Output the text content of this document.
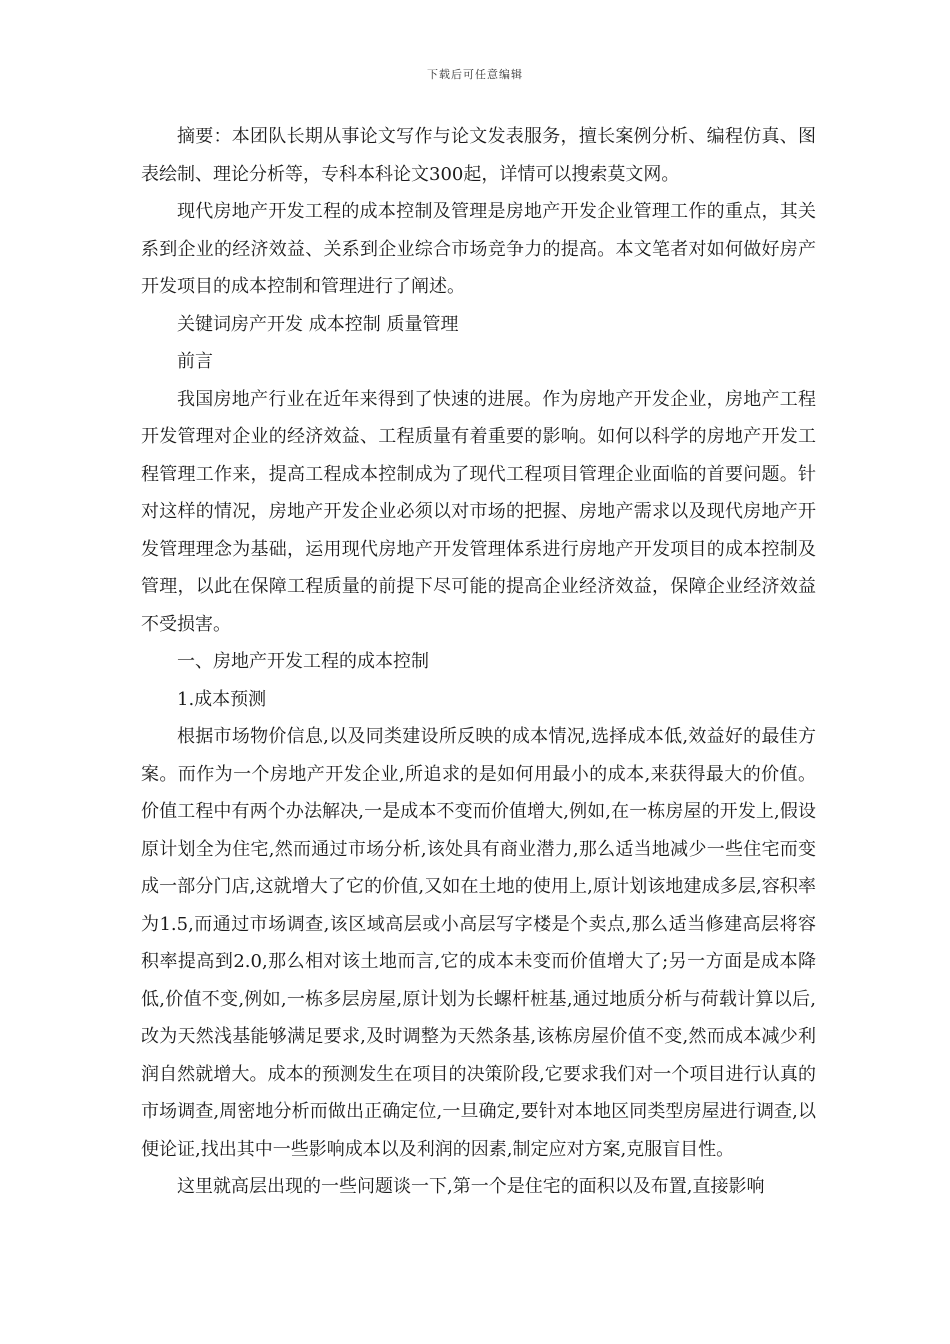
下载后可任意编辑

摘要：本团队长期从事论文写作与论文发表服务，擅长案例分析、编程仿真、图表绘制、理论分析等，专科本科论文300起，详情可以搜索莫文网。

现代房地产开发工程的成本控制及管理是房地产开发企业管理工作的重点，其关系到企业的经济效益、关系到企业综合市场竞争力的提高。本文笔者对如何做好房产开发项目的成本控制和管理进行了阐述。

关键词房产开发 成本控制 质量管理

前言

我国房地产行业在近年来得到了快速的进展。作为房地产开发企业，房地产工程开发管理对企业的经济效益、工程质量有着重要的影响。如何以科学的房地产开发工程管理工作来，提高工程成本控制成为了现代工程项目管理企业面临的首要问题。针对这样的情况，房地产开发企业必须以对市场的把握、房地产需求以及现代房地产开发管理理念为基础，运用现代房地产开发管理体系进行房地产开发项目的成本控制及管理，以此在保障工程质量的前提下尽可能的提高企业经济效益，保障企业经济效益不受损害。

一、房地产开发工程的成本控制

1.成本预测

根据市场物价信息,以及同类建设所反映的成本情况,选择成本低,效益好的最佳方案。而作为一个房地产开发企业,所追求的是如何用最小的成本,来获得最大的价值。价值工程中有两个办法解决,一是成本不变而价值增大,例如,在一栋房屋的开发上,假设原计划全为住宅,然而通过市场分析,该处具有商业潜力,那么适当地减少一些住宅而变成一部分门店,这就增大了它的价值,又如在土地的使用上,原计划该地建成多层,容积率为1.5,而通过市场调查,该区域高层或小高层写字楼是个卖点,那么适当修建高层将容积率提高到2.0,那么相对该土地而言,它的成本未变而价值增大了;另一方面是成本降低,价值不变,例如,一栋多层房屋,原计划为长螺杆桩基,通过地质分析与荷载计算以后,改为天然浅基能够满足要求,及时调整为天然条基,该栋房屋价值不变,然而成本减少利润自然就增大。成本的预测发生在项目的决策阶段,它要求我们对一个项目进行认真的市场调查,周密地分析而做出正确定位,一旦确定,要针对本地区同类型房屋进行调查,以便论证,找出其中一些影响成本以及利润的因素,制定应对方案,克服盲目性。

这里就高层出现的一些问题谈一下,第一个是住宅的面积以及布置,直接影响
